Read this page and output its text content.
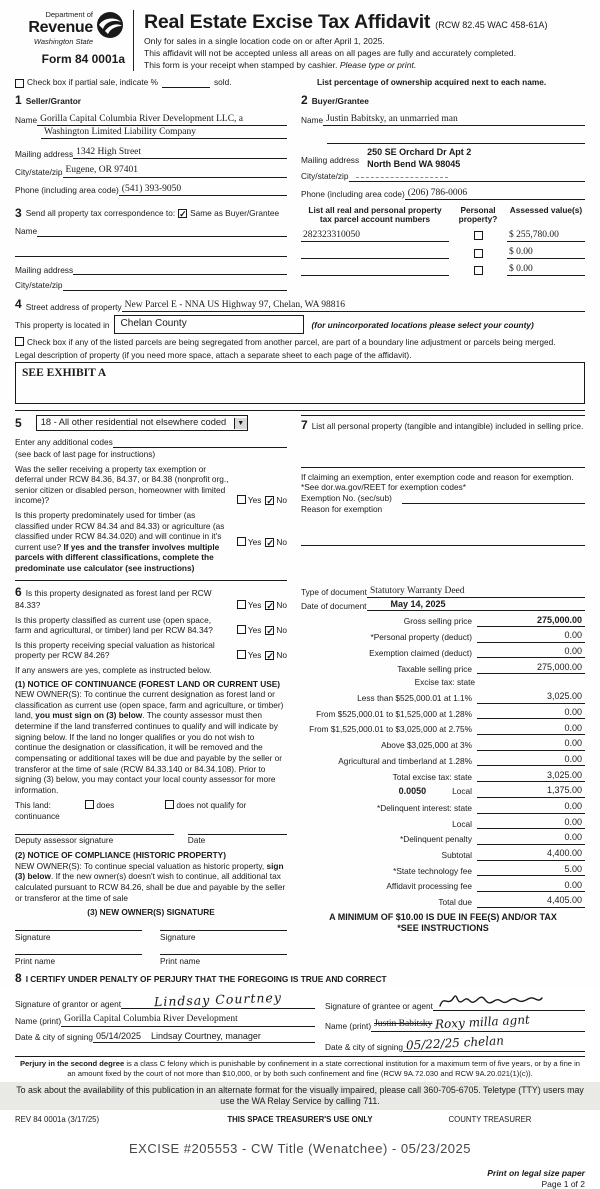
Department of
Revenue
Washington State
Form 84 0001a
Real Estate Excise Tax Affidavit (RCW 82.45 WAC 458-61A)
Only for sales in a single location code on or after April 1, 2025.
This affidavit will not be accepted unless all areas on all pages are fully and accurately completed.
This form is your receipt when stamped by cashier. Please type or print.
Check box if partial sale, indicate %	sold.	List percentage of ownership acquired next to each name.
1 Seller/Grantor
Name Gorilla Capital Columbia River Development LLC, a
Washington Limited Liability Company
Mailing address 1342 High Street
City/state/zip Eugene, OR 97401
Phone (including area code) (541) 393-9050
2 Buyer/Grantee
Name Justin Babitsky, an unmarried man
Mailing address
250 SE Orchard Dr Apt 2
North Bend WA 98045
City/state/zip
Phone (including area code) (206) 786-0006
3 Send all property tax correspondence to: ✓ Same as Buyer/Grantee
Name
Mailing address
City/state/zip
List all real and personal property tax parcel account numbers
Personal property?
Assessed value(s)
282323310050	$ 255,780.00
$ 0.00
$ 0.00
4 Street address of property New Parcel E - NNA US Highway 97, Chelan, WA 98816
This property is located in	Chelan County	(for unincorporated locations please select your county)
Check box if any of the listed parcels are being segregated from another parcel, are part of a boundary line adjustment or parcels being merged.
Legal description of property (if you need more space, attach a separate sheet to each page of the affidavit).
SEE EXHIBIT A
5	18 - All other residential not elsewhere coded	▼
Enter any additional codes
(see back of last page for instructions)
Was the seller receiving a property tax exemption or deferral under RCW 84.36, 84.37, or 84.38 (nonprofit org., senior citizen or disabled person, homeowner with limited income)?	Yes ✓ No
Is this property predominately used for timber (as classified under RCW 84.34 and 84.33) or agriculture (as classified under RCW 84.34.020) and will continue in it's current use? If yes and the transfer involves multiple parcels with different classifications, complete the predominate use calculator (see instructions)
Yes ✓ No
7 List all personal property (tangible and intangible) included in selling price.
If claiming an exemption, enter exemption code and reason for exemption. *See dor.wa.gov/REET for exemption codes*
Exemption No. (sec/sub)
Reason for exemption
6 Is this property designated as forest land per RCW 84.33?	Yes ✓ No
Is this property classified as current use (open space, farm and agricultural, or timber) land per RCW 84.34?	Yes ✓ No
Is this property receiving special valuation as historical property per RCW 84.26?	Yes ✓ No
If any answers are yes, complete as instructed below.
(1) NOTICE OF CONTINUANCE (FOREST LAND OR CURRENT USE)
NEW OWNER(S): To continue the current designation as forest land or classification as current use (open space, farm and agriculture, or timber) land, you must sign on (3) below. The county assessor must then determine if the land transferred continues to qualify and will indicate by signing below. If the land no longer qualifies or you do not wish to continue the designation or classification, it will be removed and the compensating or additional taxes will be due and payable by the seller or transferor at the time of sale (RCW 84.33.140 or 84.34.108). Prior to signing (3) below, you may contact your local county assessor for more information.
This land:
continuance
does	does not qualify for
Deputy assessor signature	Date
(2) NOTICE OF COMPLIANCE (HISTORIC PROPERTY)
NEW OWNER(S): To continue special valuation as historic property, sign (3) below. If the new owner(s) doesn't wish to continue, all additional tax calculated pursuant to RCW 84.26, shall be due and payable by the seller or transferor at the time of sale
(3) NEW OWNER(S) SIGNATURE
Signature	Signature
Print name	Print name
Type of document Statutory Warranty Deed
Date of document	May 14, 2025
Gross selling price	275,000.00
*Personal property (deduct)	0.00
Exemption claimed (deduct)	0.00
Taxable selling price	275,000.00
Excise tax: state
Less than $525,000.01 at 1.1%	3,025.00
From $525,000.01 to $1,525,000 at 1.28%	0.00
From $1,525,000.01 to $3,025,000 at 2.75%	0.00
Above $3,025,000 at 3%	0.00
Agricultural and timberland at 1.28%	0.00
Total excise tax: state	3,025.00
0.0050	Local	1,375.00
*Delinquent interest: state	0.00
Local	0.00
*Delinquent penalty	0.00
Subtotal	4,400.00
*State technology fee	5.00
Affidavit processing fee	0.00
Total due	4,405.00
A MINIMUM OF $10.00 IS DUE IN FEE(S) AND/OR TAX
*SEE INSTRUCTIONS
8 I CERTIFY UNDER PENALTY OF PERJURY THAT THE FOREGOING IS TRUE AND CORRECT
Signature of grantor or agent	Lindsay Courtney
Name (print) Gorilla Capital Columbia River Development
Date & city of signing 05/14/2025 Lindsay Courtney, manager
Signature of grantee or agent
Name (print) Justin Babitsky Roxy milla agnt
Date & city of signing 05/22/25 chelan
Perjury in the second degree is a class C felony which is punishable by confinement in a state correctional institution for a maximum term of five years, or by a fine in an amount fixed by the court of not more than $10,000, or by both such confinement and fine (RCW 9A.72.030 and RCW 9A.20.021(1)(c)).
To ask about the availability of this publication in an alternate format for the visually impaired, please call 360-705-6705. Teletype (TTY) users may use the WA Relay Service by calling 711.
REV 84 0001a (3/17/25)	THIS SPACE TREASURER'S USE ONLY	COUNTY TREASURER
EXCISE #205553 - CW Title (Wenatchee) - 05/23/2025
Print on legal size paper
Page 1 of 2
